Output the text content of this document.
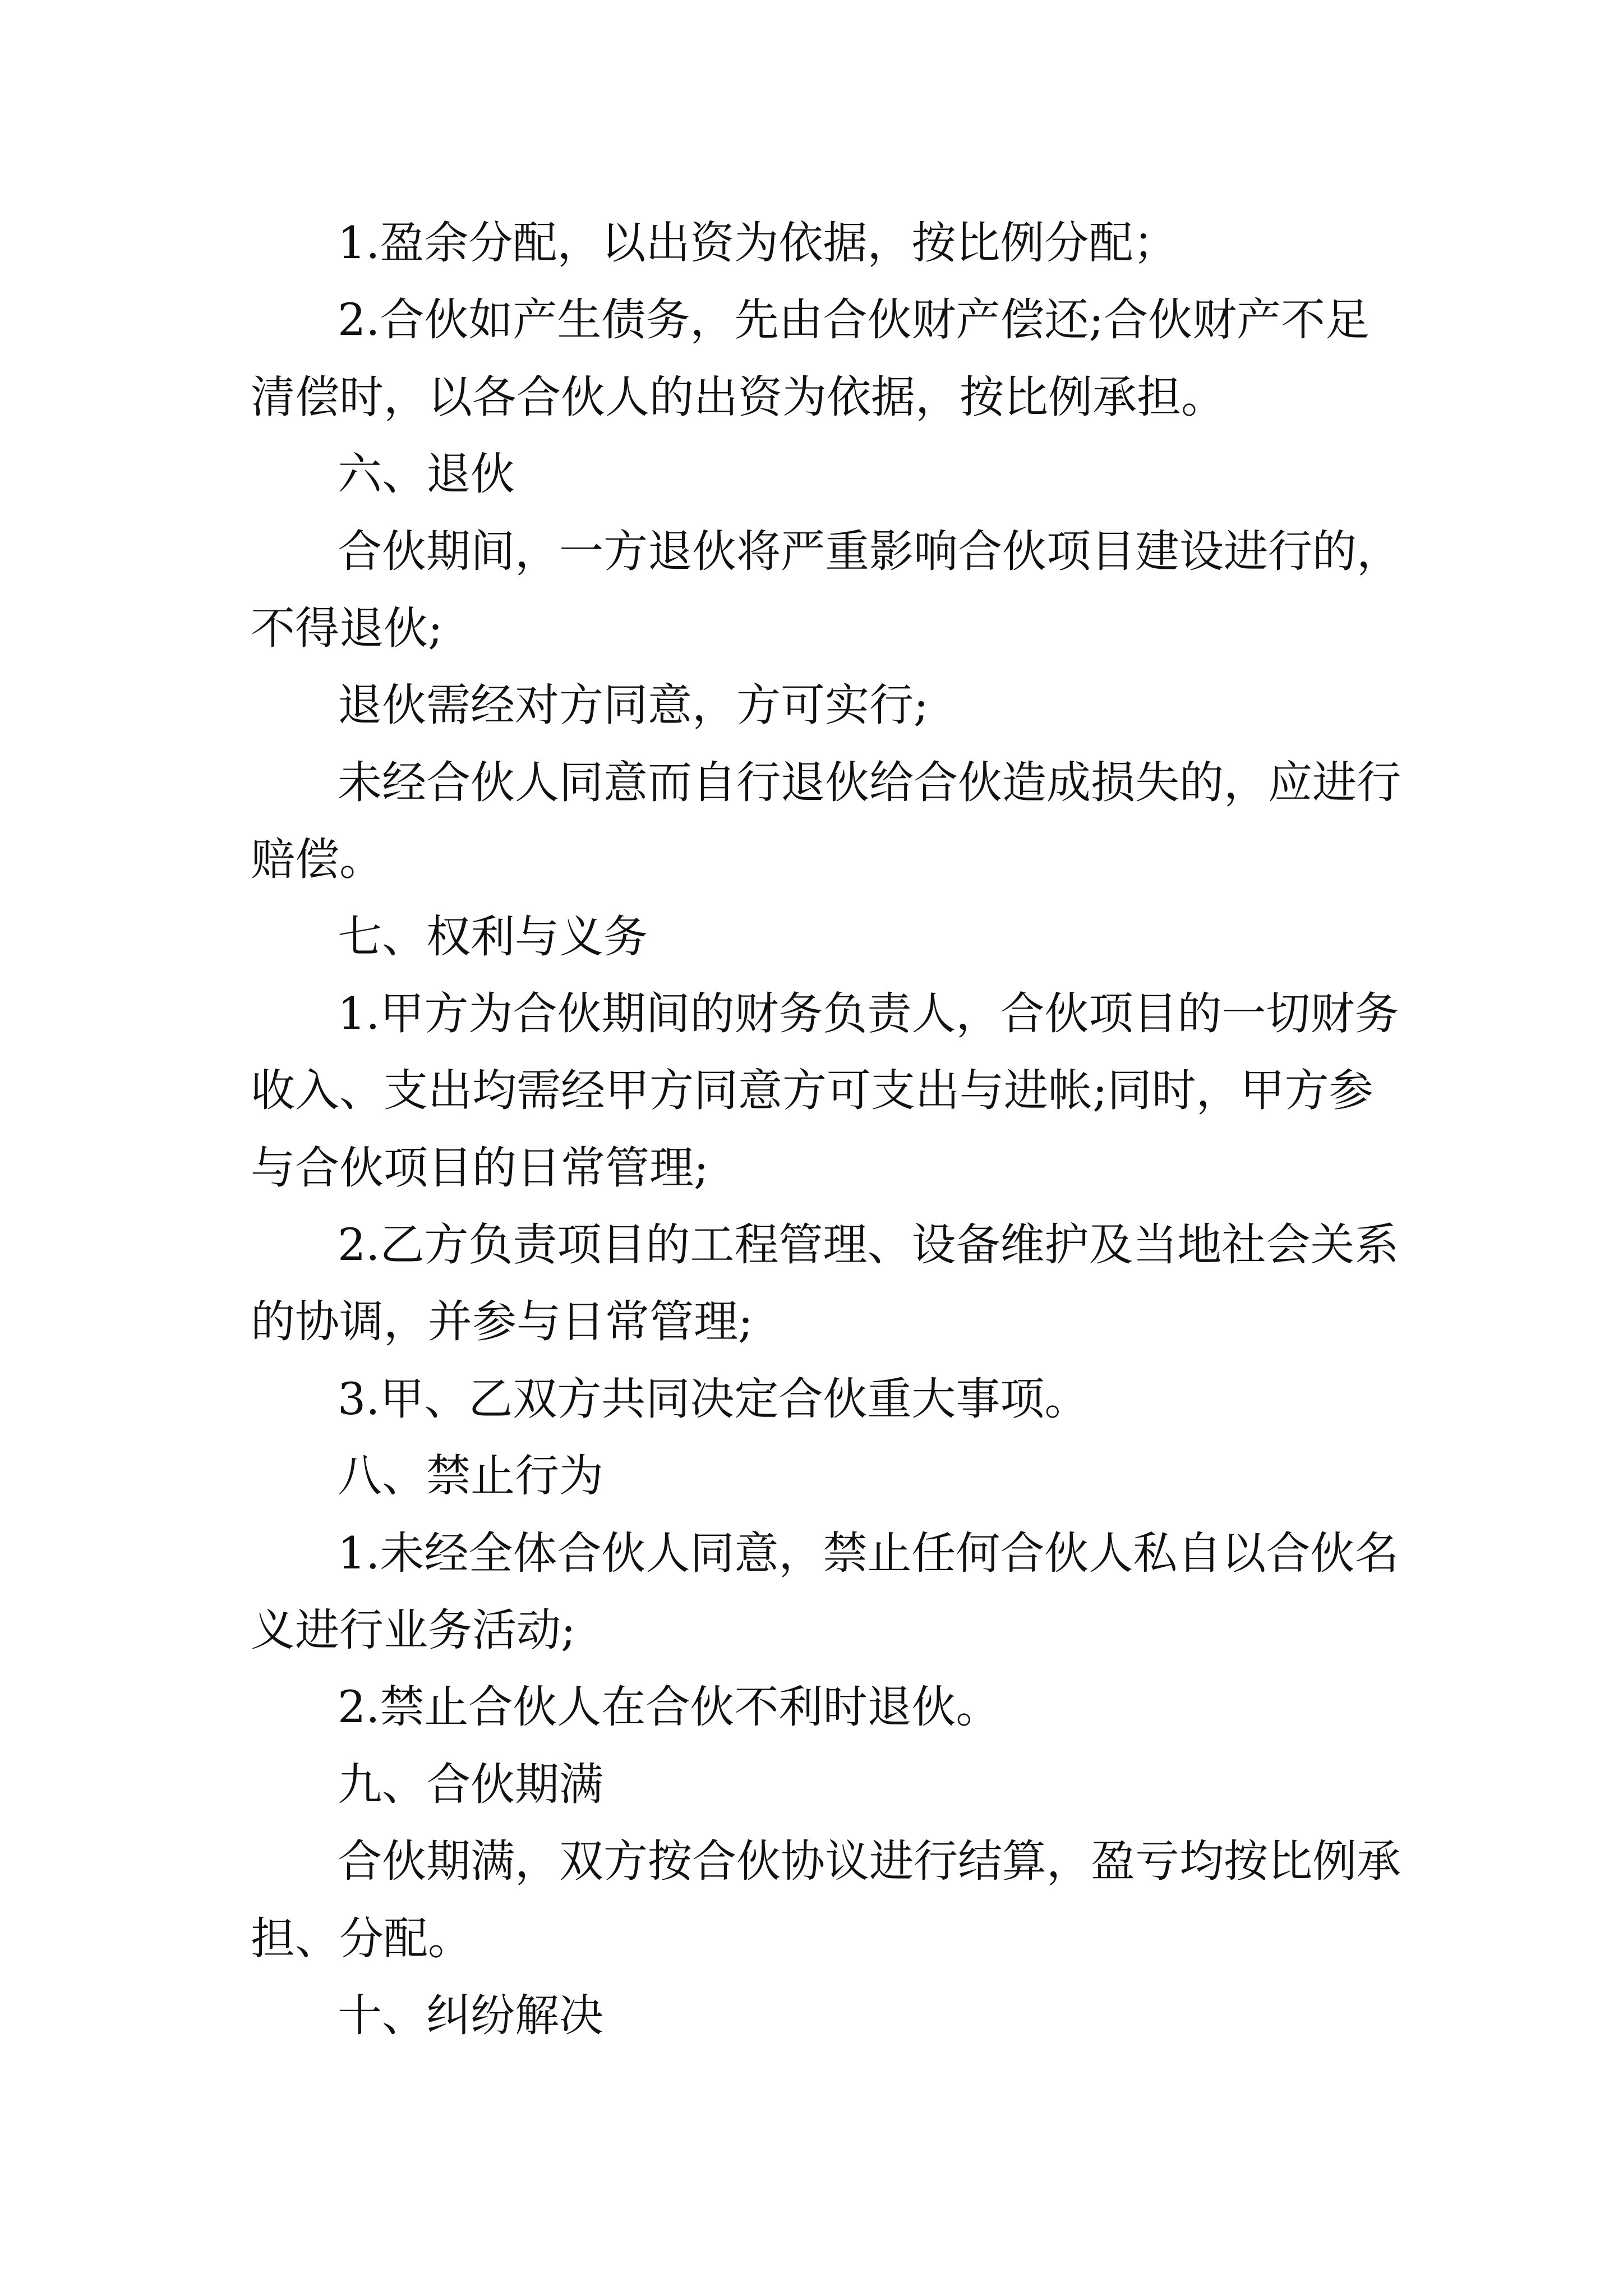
1.盈余分配，以出资为依据，按比例分配；
2.合伙如产生债务，先由合伙财产偿还;合伙财产不足
清偿时，以各合伙人的出资为依据，按比例承担。
六、退伙
合伙期间，一方退伙将严重影响合伙项目建设进行的，
不得退伙;
退伙需经对方同意，方可实行;
未经合伙人同意而自行退伙给合伙造成损失的，应进行
赔偿。
七、权利与义务
1.甲方为合伙期间的财务负责人，合伙项目的一切财务
收入、支出均需经甲方同意方可支出与进帐;同时，甲方参
与合伙项目的日常管理;
2.乙方负责项目的工程管理、设备维护及当地社会关系
的协调，并参与日常管理;
3.甲、乙双方共同决定合伙重大事项。
八、禁止行为
1.未经全体合伙人同意，禁止任何合伙人私自以合伙名
义进行业务活动;
2.禁止合伙人在合伙不利时退伙。
九、合伙期满
合伙期满，双方按合伙协议进行结算，盈亏均按比例承
担、分配。
十、纠纷解决
